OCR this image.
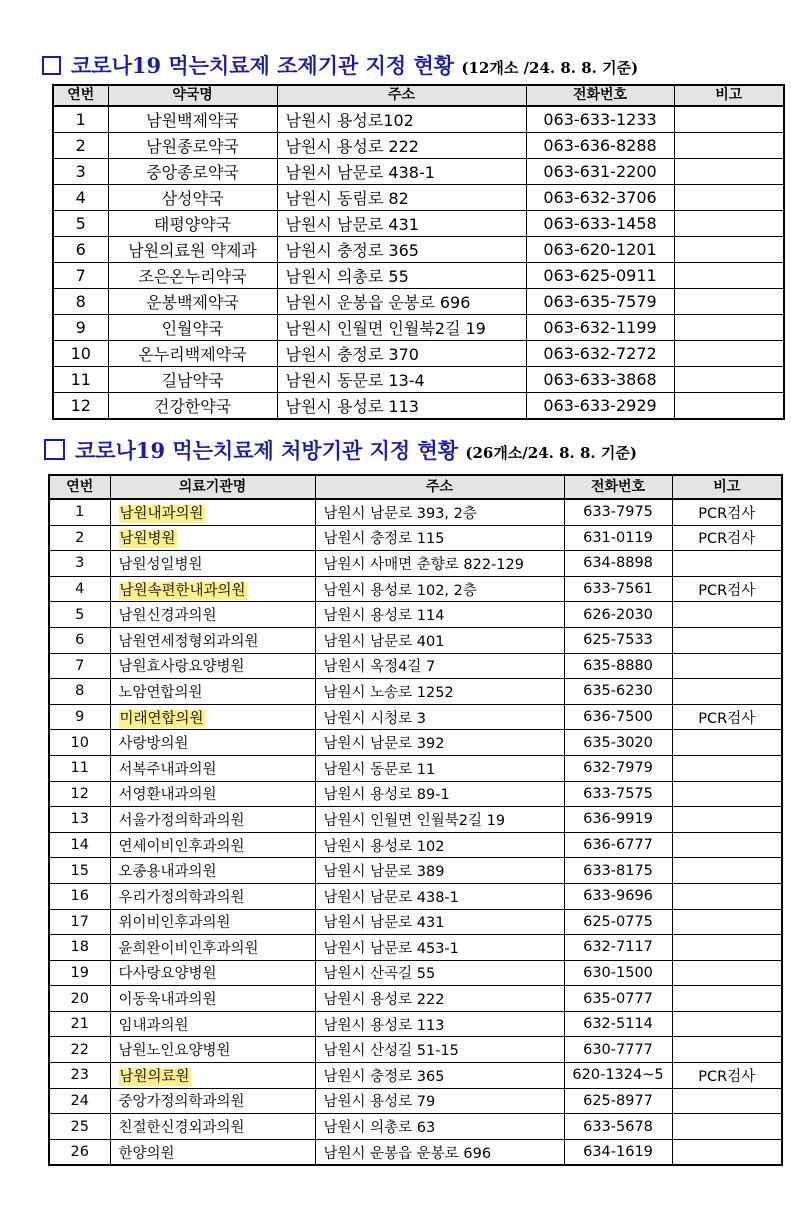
코로나19 먹는치료제 조제기관 지정 현황 (12개소 /24. 8. 8. 기준)
연번	약국명	주소	전화번호	비고
1	남원백제약국	남원시 용성로102	063-633-1233	
2	남원종로약국	남원시 용성로 222	063-636-8288	
3	중앙종로약국	남원시 남문로 438-1	063-631-2200	
4	삼성약국	남원시 동림로 82	063-632-3706	
5	태평양약국	남원시 남문로 431	063-633-1458	
6	남원의료원 약제과	남원시 충정로 365	063-620-1201	
7	조은온누리약국	남원시 의총로 55	063-625-0911	
8	운봉백제약국	남원시 운봉읍 운봉로 696	063-635-7579	
9	인월약국	남원시 인월면 인월북2길 19	063-632-1199	
10	온누리백제약국	남원시 충정로 370	063-632-7272	
11	길남약국	남원시 동문로 13-4	063-633-3868	
12	건강한약국	남원시 용성로 113	063-633-2929	
코로나19 먹는치료제 처방기관 지정 현황 (26개소/24. 8. 8. 기준)
연번	의료기관명	주소	전화번호	비고
1	남원내과의원	남원시 남문로 393, 2층	633-7975	PCR검사
2	남원병원	남원시 충정로 115	631-0119	PCR검사
3	남원성일병원	남원시 사매면 춘향로 822-129	634-8898	
4	남원속편한내과의원	남원시 용성로 102, 2층	633-7561	PCR검사
5	남원신경과의원	남원시 용성로 114	626-2030	
6	남원연세정형외과의원	남원시 남문로 401	625-7533	
7	남원효사랑요양병원	남원시 옥정4길 7	635-8880	
8	노암연합의원	남원시 노송로 1252	635-6230	
9	미래연합의원	남원시 시청로 3	636-7500	PCR검사
10	사랑방의원	남원시 남문로 392	635-3020	
11	서복주내과의원	남원시 동문로 11	632-7979	
12	서영환내과의원	남원시 용성로 89-1	633-7575	
13	서울가정의학과의원	남원시 인월면 인월북2길 19	636-9919	
14	연세이비인후과의원	남원시 용성로 102	636-6777	
15	오종용내과의원	남원시 남문로 389	633-8175	
16	우리가정의학과의원	남원시 남문로 438-1	633-9696	
17	위이비인후과의원	남원시 남문로 431	625-0775	
18	윤희완이비인후과의원	남원시 남문로 453-1	632-7117	
19	다사랑요양병원	남원시 산곡길 55	630-1500	
20	이동욱내과의원	남원시 용성로 222	635-0777	
21	임내과의원	남원시 용성로 113	632-5114	
22	남원노인요양병원	남원시 산성길 51-15	630-7777	
23	남원의료원	남원시 충정로 365	620-1324~5	PCR검사
24	중앙가정의학과의원	남원시 용성로 79	625-8977	
25	친절한신경외과의원	남원시 의총로 63	633-5678	
26	한양의원	남원시 운봉읍 운봉로 696	634-1619	
